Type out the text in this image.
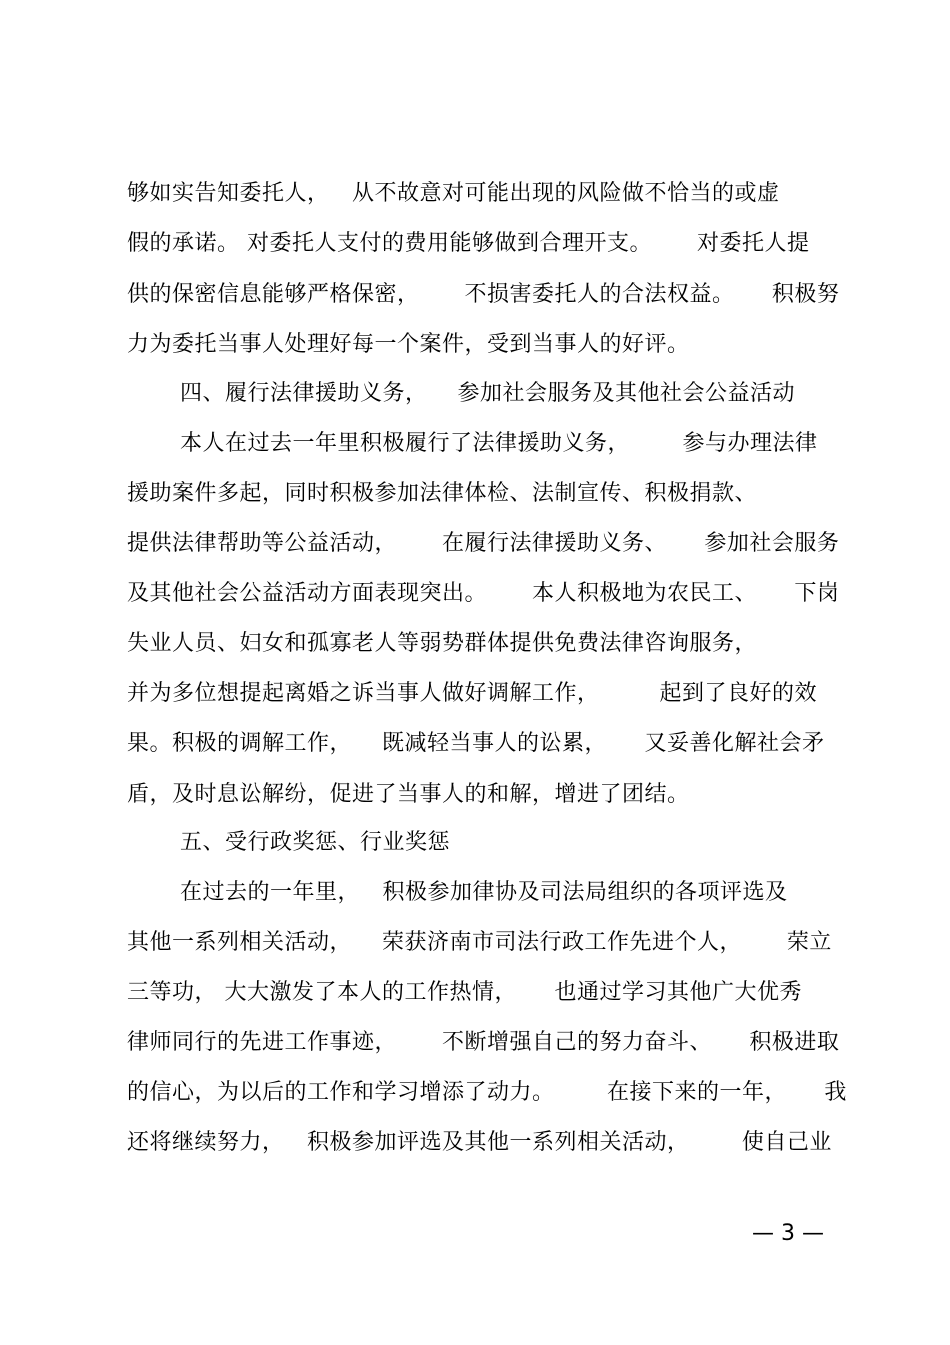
够如实告知委托人，   从不故意对可能出现的风险做不恰当的或虚
假的承诺。 对委托人支付的费用能够做到合理开支。      对委托人提
供的保密信息能够严格保密，      不损害委托人的合法权益。     积极努
力为委托当事人处理好每一个案件，受到当事人的好评。
四、履行法律援助义务，    参加社会服务及其他社会公益活动
本人在过去一年里积极履行了法律援助义务，       参与办理法律
援助案件多起，同时积极参加法律体检、法制宣传、积极捐款、
提供法律帮助等公益活动，      在履行法律援助义务、     参加社会服务
及其他社会公益活动方面表现突出。      本人积极地为农民工、     下岗
失业人员、妇女和孤寡老人等弱势群体提供免费法律咨询服务，
并为多位想提起离婚之诉当事人做好调解工作，        起到了良好的效
果。积极的调解工作，    既减轻当事人的讼累，     又妥善化解社会矛
盾，及时息讼解纷，促进了当事人的和解，增进了团结。
五、受行政奖惩、行业奖惩
在过去的一年里，   积极参加律协及司法局组织的各项评选及
其他一系列相关活动，    荣获济南市司法行政工作先进个人，      荣立
三等功， 大大激发了本人的工作热情，     也通过学习其他广大优秀
律师同行的先进工作事迹，      不断增强自己的努力奋斗、     积极进取
的信心，为以后的工作和学习增添了动力。       在接下来的一年，     我
还将继续努力，   积极参加评选及其他一系列相关活动，       使自己业
— 3 —
